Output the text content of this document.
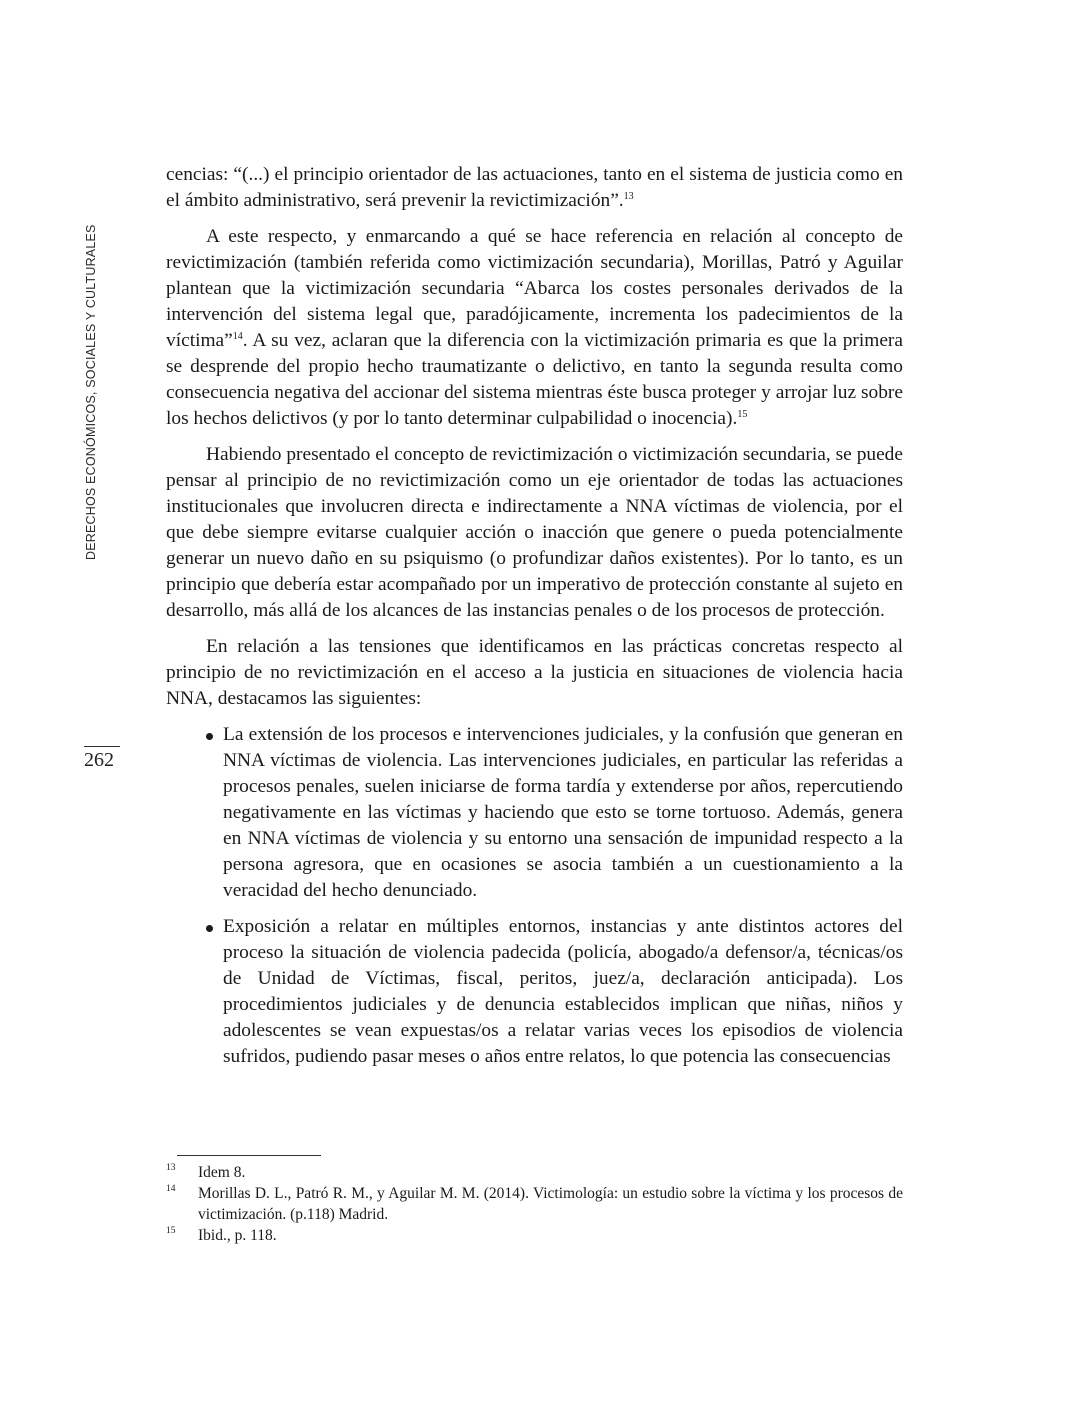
DERECHOS ECONÓMICOS, SOCIALES Y CULTURALES
262

cencias: “(...) el principio orientador de las actuaciones, tanto en el sistema de justicia como en el ámbito administrativo, será prevenir la revictimización”.$^{13}$

A este respecto, y enmarcando a qué se hace referencia en relación al concepto de revictimización (también referida como victimización secundaria), Morillas, Patró y Aguilar plantean que la victimización secundaria “Abarca los costes personales derivados de la intervención del sistema legal que, paradójicamente, incrementa los padecimientos de la víctima”$^{14}$. A su vez, aclaran que la diferencia con la victimización primaria es que la primera se desprende del propio hecho traumatizante o delictivo, en tanto la segunda resulta como consecuencia negativa del accionar del sistema mientras éste busca proteger y arrojar luz sobre los hechos delictivos (y por lo tanto determinar culpabilidad o inocencia).$^{15}$

Habiendo presentado el concepto de revictimización o victimización secundaria, se puede pensar al principio de no revictimización como un eje orientador de todas las actuaciones institucionales que involucren directa e indirectamente a NNA víctimas de violencia, por el que debe siempre evitarse cualquier acción o inacción que genere o pueda potencialmente generar un nuevo daño en su psiquismo (o profundizar daños existentes). Por lo tanto, es un principio que debería estar acompañado por un imperativo de protección constante al sujeto en desarrollo, más allá de los alcances de las instancias penales o de los procesos de protección.

En relación a las tensiones que identificamos en las prácticas concretas respecto al principio de no revictimización en el acceso a la justicia en situaciones de violencia hacia NNA, destacamos las siguientes:

La extensión de los procesos e intervenciones judiciales, y la confusión que generan en NNA víctimas de violencia. Las intervenciones judiciales, en particular las referidas a procesos penales, suelen iniciarse de forma tardía y extenderse por años, repercutiendo negativamente en las víctimas y haciendo que esto se torne tortuoso. Además, genera en NNA víctimas de violencia y su entorno una sensación de impunidad respecto a la persona agresora, que en ocasiones se asocia también a un cuestionamiento a la veracidad del hecho denunciado.
Exposición a relatar en múltiples entornos, instancias y ante distintos actores del proceso la situación de violencia padecida (policía, abogado/a defensor/a, técnicas/os de Unidad de Víctimas, fiscal, peritos, juez/a, declaración anticipada). Los procedimientos judiciales y de denuncia establecidos implican que niñas, niños y adolescentes se vean expuestas/os a relatar varias veces los episodios de violencia sufridos, pudiendo pasar meses o años entre relatos, lo que potencia las consecuencias
13 Idem 8.
14 Morillas D. L., Patró R. M., y Aguilar M. M. (2014). Victimología: un estudio sobre la víctima y los procesos de victimización. (p.118) Madrid.
15 Ibid., p. 118.
